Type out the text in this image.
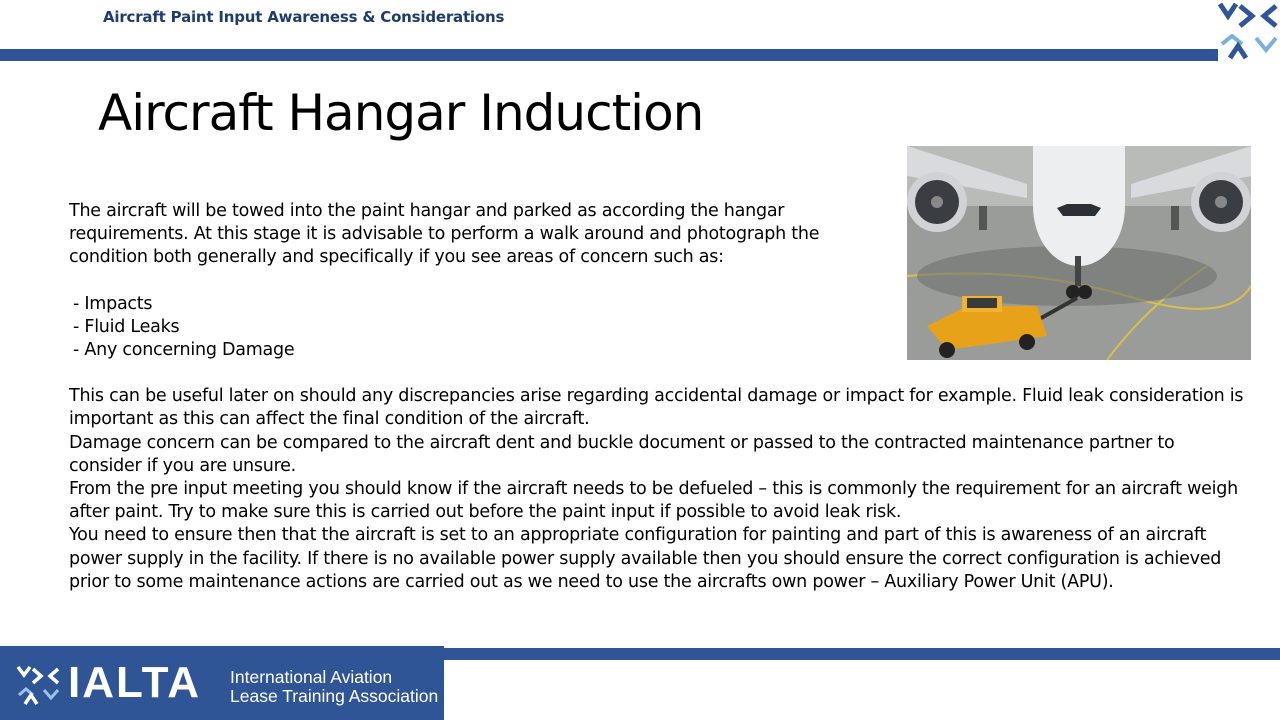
Aircraft Paint Input Awareness & Considerations
Aircraft Hangar Induction

The aircraft will be towed into the paint hangar and parked as according the hangar requirements. At this stage it is advisable to perform a walk around and photograph the condition both generally and specifically if you see areas of concern such as:

- Impacts
- Fluid Leaks
- Any concerning Damage

This can be useful later on should any discrepancies arise regarding accidental damage or impact for example. Fluid leak consideration is important as this can affect the final condition of the aircraft.

Damage concern can be compared to the aircraft dent and buckle document or passed to the contracted maintenance partner to consider if you are unsure.

From the pre input meeting you should know if the aircraft needs to be defueled – this is commonly the requirement for an aircraft weigh after paint. Try to make sure this is carried out before the paint input if possible to avoid leak risk.

You need to ensure then that the aircraft is set to an appropriate configuration for painting and part of this is awareness of an aircraft power supply in the facility. If there is no available power supply available then you should ensure the correct configuration is achieved prior to some maintenance actions are carried out as we need to use the aircrafts own power – Auxiliary Power Unit (APU).

IALTA International Aviation
Lease Training Association
